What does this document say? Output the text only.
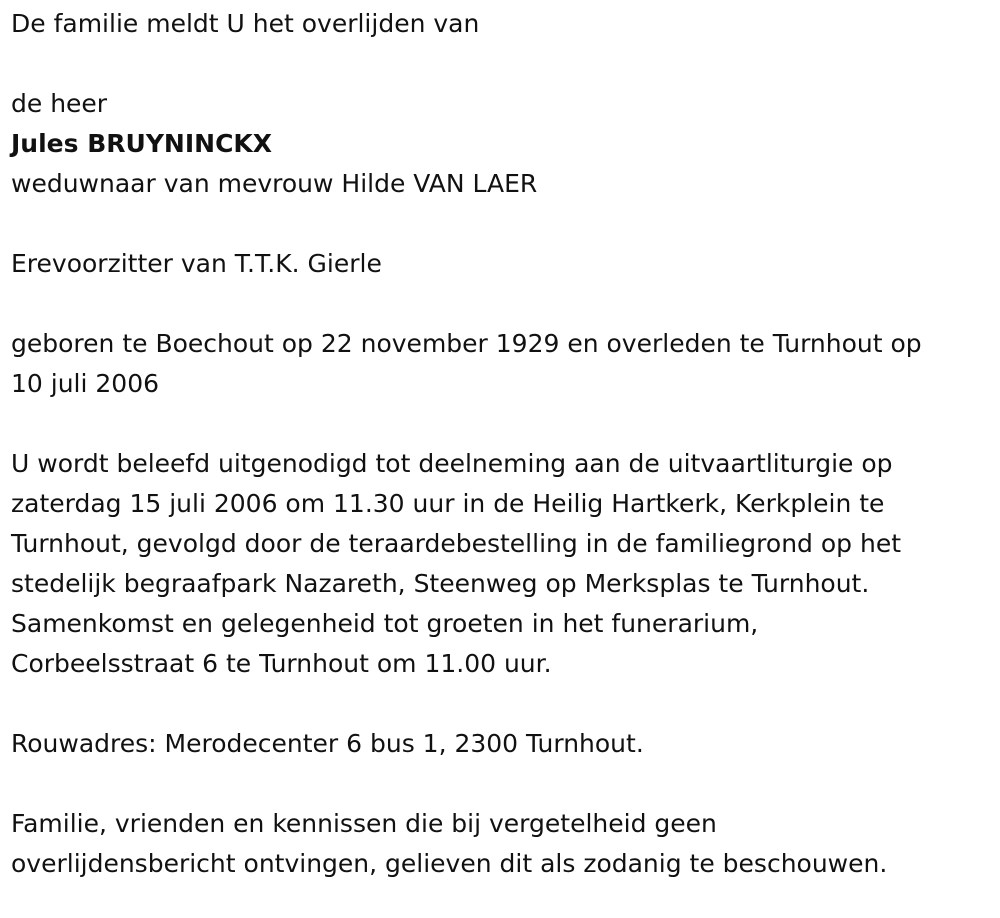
De familie meldt U het overlijden van

de heer

Jules BRUYNINCKX

weduwnaar van mevrouw Hilde VAN LAER

Erevoorzitter van T.T.K. Gierle

geboren te Boechout op 22 november 1929 en overleden te Turnhout op

10 juli 2006

U wordt beleefd uitgenodigd tot deelneming aan de uitvaartliturgie op

zaterdag 15 juli 2006 om 11.30 uur in de Heilig Hartkerk, Kerkplein te

Turnhout, gevolgd door de teraardebestelling in de familiegrond op het

stedelijk begraafpark Nazareth, Steenweg op Merksplas te Turnhout.

Samenkomst en gelegenheid tot groeten in het funerarium,

Corbeelsstraat 6 te Turnhout om 11.00 uur.

Rouwadres: Merodecenter 6 bus 1, 2300 Turnhout.

Familie, vrienden en kennissen die bij vergetelheid geen

overlijdensbericht ontvingen, gelieven dit als zodanig te beschouwen.
